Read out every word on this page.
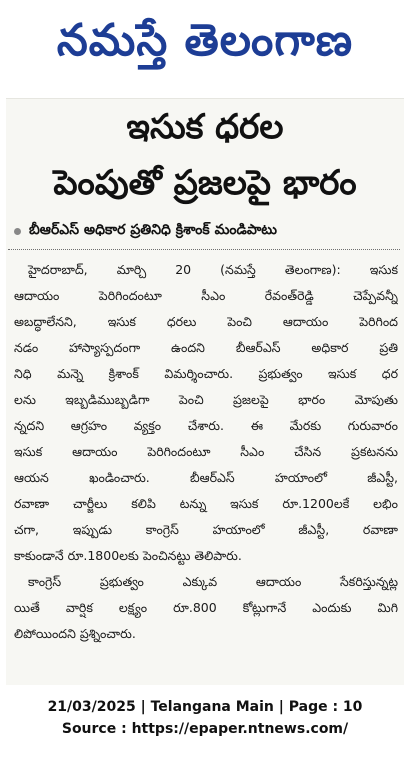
నమస్తే తెలంగాణ
ఇసుక ధరల
పెంపుతో ప్రజలపై భారం
బీఆర్ఎస్ అధికార ప్రతినిధి క్రిశాంక్ మండిపాటు
హైదరాబాద్, మార్చి 20 (నమస్తే తెలంగాణ): ఇసుక
ఆదాయం పెరిగిందంటూ సీఎం రేవంత్‌రెడ్డి చెప్పేవన్నీ
అబద్ధాలేనని, ఇసుక ధరలు పెంచి ఆదాయం పెరిగింద
నడం హాస్యాస్పదంగా ఉందని బీఆర్ఎస్ అధికార ప్రతి
నిధి మన్నె క్రిశాంక్ విమర్శించారు. ప్రభుత్వం ఇసుక ధర
లను ఇబ్బడిముబ్బడిగా పెంచి ప్రజలపై భారం మోపుతు
న్నదని ఆగ్రహం వ్యక్తం చేశారు. ఈ మేరకు గురువారం
ఇసుక ఆదాయం పెరిగిందంటూ సీఎం చేసిన ప్రకటనను
ఆయన ఖండించారు. బీఆర్ఎస్ హయాంలో జీఎస్టీ,
రవాణా చార్జీలు కలిపి టన్ను ఇసుక రూ.1200లకే లభిం
చగా, ఇప్పుడు కాంగ్రెస్ హయాంలో జీఎస్టీ, రవాణా
కాకుండానే రూ.1800లకు పెంచినట్టు తెలిపారు.
కాంగ్రెస్ ప్రభుత్వం ఎక్కువ ఆదాయం సేకరిస్తున్నట్ల
యితే వార్షిక లక్ష్యం రూ.800 కోట్లుగానే ఎందుకు మిగి
లిపోయిందని ప్రశ్నించారు.
21/03/2025 | Telangana Main | Page : 10
Source : https://epaper.ntnews.com/
